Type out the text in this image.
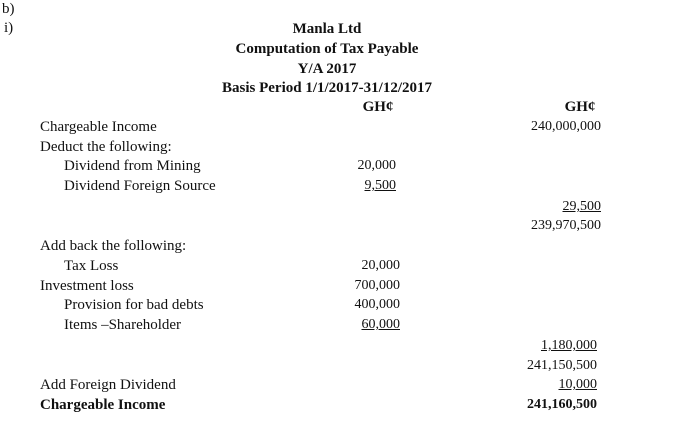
b)
i)	Manla Ltd
Computation of Tax Payable
Y/A 2017
Basis Period 1/1/2017-31/12/2017
GH¢	GH¢
Chargeable Income	240,000,000
Deduct the following:
Dividend from Mining	20,000
Dividend Foreign Source	9,500
29,500
239,970,500
Add back the following:
Tax Loss	20,000
Investment loss	700,000
Provision for bad debts	400,000
Items –Shareholder	60,000
1,180,000
241,150,500
Add Foreign Dividend	10,000
Chargeable Income	241,160,500
